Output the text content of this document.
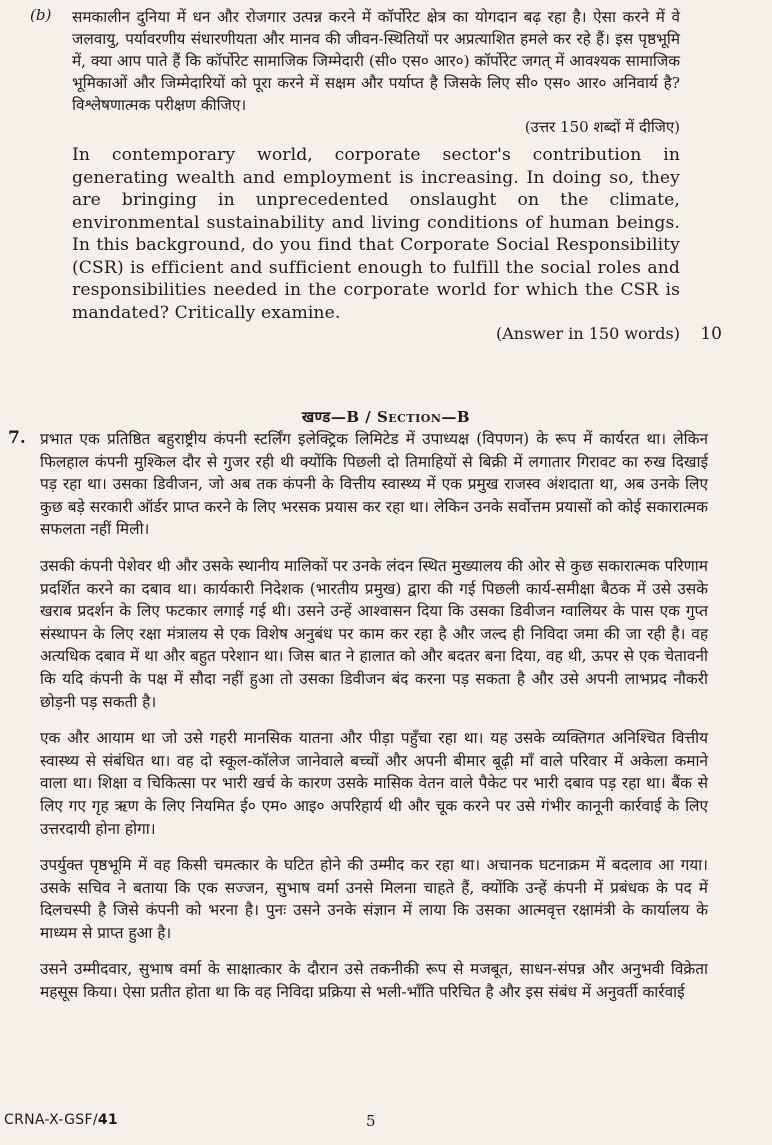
(b) समकालीन दुनिया में धन और रोजगार उत्पन्न करने में कॉर्पोरेट क्षेत्र का योगदान बढ़ रहा है। ऐसा करने में वे जलवायु, पर्यावरणीय संधारणीयता और मानव की जीवन-स्थितियों पर अप्रत्याशित हमले कर रहे हैं। इस पृष्ठभूमि में, क्या आप पाते हैं कि कॉर्पोरेट सामाजिक जिम्मेदारी (सी० एस० आर०) कॉर्पोरेट जगत् में आवश्यक सामाजिक भूमिकाओं और जिम्मेदारियों को पूरा करने में सक्षम और पर्याप्त है जिसके लिए सी० एस० आर० अनिवार्य है? विश्लेषणात्मक परीक्षण कीजिए।

(उत्तर 150 शब्दों में दीजिए)

In contemporary world, corporate sector's contribution in generating wealth and employment is increasing. In doing so, they are bringing in unprecedented onslaught on the climate, environmental sustainability and living conditions of human beings. In this background, do you find that Corporate Social Responsibility (CSR) is efficient and sufficient enough to fulfill the social roles and responsibilities needed in the corporate world for which the CSR is mandated? Critically examine.

(Answer in 150 words) 10
खण्ड—B / Section—B
7. प्रभात एक प्रतिष्ठित बहुराष्ट्रीय कंपनी स्टर्लिंग इलेक्ट्रिक लिमिटेड में उपाध्यक्ष (विपणन) के रूप में कार्यरत था। लेकिन फिलहाल कंपनी मुश्किल दौर से गुजर रही थी क्योंकि पिछली दो तिमाहियों से बिक्री में लगातार गिरावट का रुख दिखाई पड़ रहा था। उसका डिवीजन, जो अब तक कंपनी के वित्तीय स्वास्थ्य में एक प्रमुख राजस्व अंशदाता था, अब उनके लिए कुछ बड़े सरकारी ऑर्डर प्राप्त करने के लिए भरसक प्रयास कर रहा था। लेकिन उनके सर्वोत्तम प्रयासों को कोई सकारात्मक सफलता नहीं मिली।

उसकी कंपनी पेशेवर थी और उसके स्थानीय मालिकों पर उनके लंदन स्थित मुख्यालय की ओर से कुछ सकारात्मक परिणाम प्रदर्शित करने का दबाव था। कार्यकारी निदेशक (भारतीय प्रमुख) द्वारा की गई पिछली कार्य-समीक्षा बैठक में उसे उसके खराब प्रदर्शन के लिए फटकार लगाई गई थी। उसने उन्हें आश्वासन दिया कि उसका डिवीजन ग्वालियर के पास एक गुप्त संस्थापन के लिए रक्षा मंत्रालय से एक विशेष अनुबंध पर काम कर रहा है और जल्द ही निविदा जमा की जा रही है। वह अत्यधिक दबाव में था और बहुत परेशान था। जिस बात ने हालात को और बदतर बना दिया, वह थी, ऊपर से एक चेतावनी कि यदि कंपनी के पक्ष में सौदा नहीं हुआ तो उसका डिवीजन बंद करना पड़ सकता है और उसे अपनी लाभप्रद नौकरी छोड़नी पड़ सकती है।

एक और आयाम था जो उसे गहरी मानसिक यातना और पीड़ा पहुँचा रहा था। यह उसके व्यक्तिगत अनिश्चित वित्तीय स्वास्थ्य से संबंधित था। वह दो स्कूल-कॉलेज जानेवाले बच्चों और अपनी बीमार बूढ़ी माँ वाले परिवार में अकेला कमाने वाला था। शिक्षा व चिकित्सा पर भारी खर्च के कारण उसके मासिक वेतन वाले पैकेट पर भारी दबाव पड़ रहा था। बैंक से लिए गए गृह ऋण के लिए नियमित ई० एम० आइ० अपरिहार्य थी और चूक करने पर उसे गंभीर कानूनी कार्रवाई के लिए उत्तरदायी होना होगा।

उपर्युक्त पृष्ठभूमि में वह किसी चमत्कार के घटित होने की उम्मीद कर रहा था। अचानक घटनाक्रम में बदलाव आ गया। उसके सचिव ने बताया कि एक सज्जन, सुभाष वर्मा उनसे मिलना चाहते हैं, क्योंकि उन्हें कंपनी में प्रबंधक के पद में दिलचस्पी है जिसे कंपनी को भरना है। पुनः उसने उनके संज्ञान में लाया कि उसका आत्मवृत्त रक्षामंत्री के कार्यालय के माध्यम से प्राप्त हुआ है।

उसने उम्मीदवार, सुभाष वर्मा के साक्षात्कार के दौरान उसे तकनीकी रूप से मजबूत, साधन-संपन्न और अनुभवी विक्रेता महसूस किया। ऐसा प्रतीत होता था कि वह निविदा प्रक्रिया से भली-भाँति परिचित है और इस संबंध में अनुवर्ती कार्रवाई

CRNA-X-GSF/41	5
